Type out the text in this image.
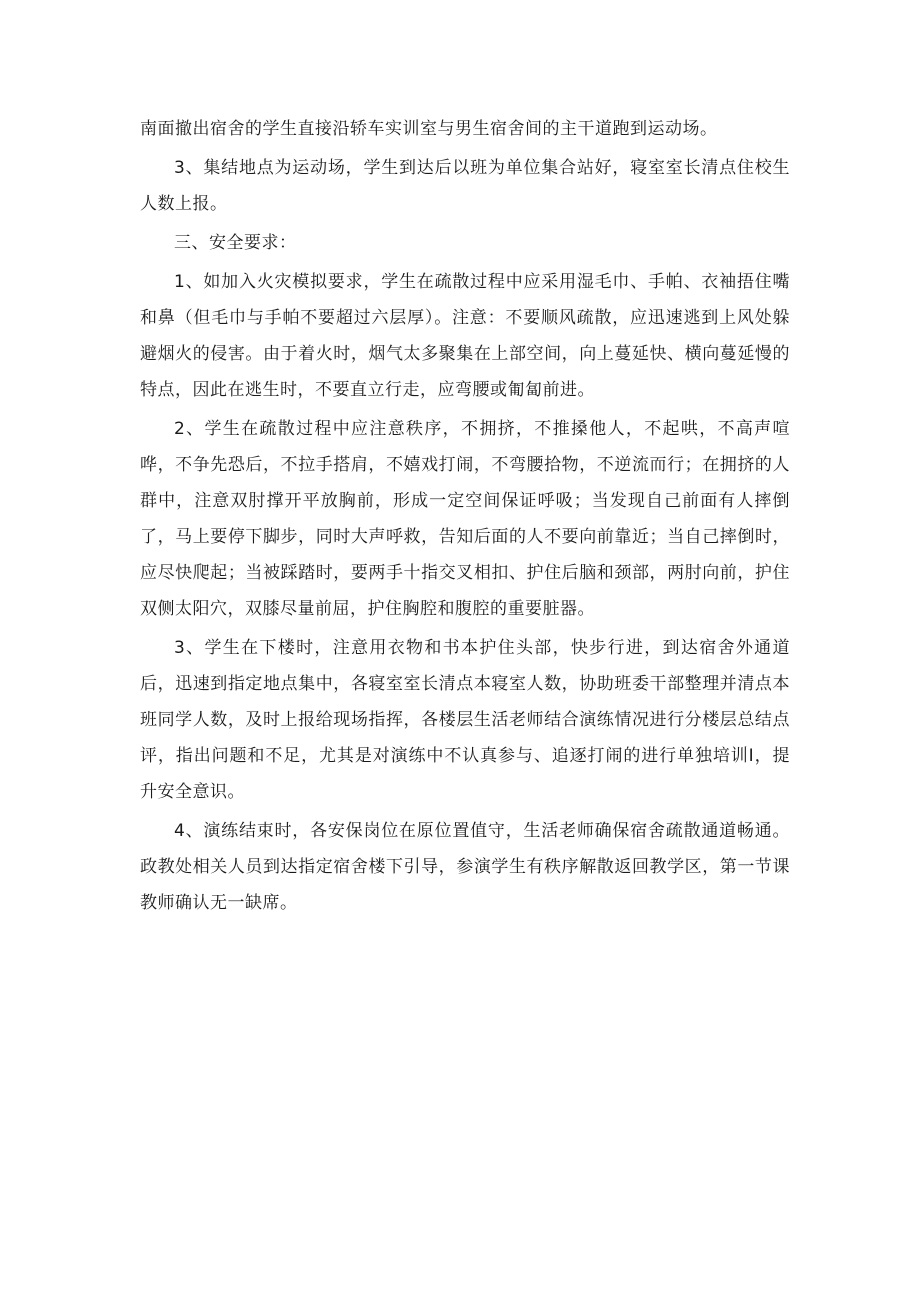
南面撤出宿舍的学生直接沿轿车实训室与男生宿舍间的主干道跑到运动场。

3、集结地点为运动场，学生到达后以班为单位集合站好，寝室室长清点住校生人数上报。

三、安全要求：

1、如加入火灾模拟要求，学生在疏散过程中应采用湿毛巾、手帕、衣袖捂住嘴和鼻（但毛巾与手帕不要超过六层厚）。注意：不要顺风疏散，应迅速逃到上风处躲避烟火的侵害。由于着火时，烟气太多聚集在上部空间，向上蔓延快、横向蔓延慢的特点，因此在逃生时，不要直立行走，应弯腰或匍匐前进。

2、学生在疏散过程中应注意秩序，不拥挤，不推搡他人，不起哄，不高声喧哗，不争先恐后，不拉手搭肩，不嬉戏打闹，不弯腰拾物，不逆流而行；在拥挤的人群中，注意双肘撑开平放胸前，形成一定空间保证呼吸；当发现自己前面有人摔倒了，马上要停下脚步，同时大声呼救，告知后面的人不要向前靠近；当自己摔倒时，应尽快爬起；当被踩踏时，要两手十指交叉相扣、护住后脑和颈部，两肘向前，护住双侧太阳穴，双膝尽量前屈，护住胸腔和腹腔的重要脏器。

3、学生在下楼时，注意用衣物和书本护住头部，快步行进，到达宿舍外通道后，迅速到指定地点集中，各寝室室长清点本寝室人数，协助班委干部整理并清点本班同学人数，及时上报给现场指挥，各楼层生活老师结合演练情况进行分楼层总结点评，指出问题和不足，尤其是对演练中不认真参与、追逐打闹的进行单独培训I，提升安全意识。

4、演练结束时，各安保岗位在原位置值守，生活老师确保宿舍疏散通道畅通。政教处相关人员到达指定宿舍楼下引导，参演学生有秩序解散返回教学区，第一节课教师确认无一缺席。
